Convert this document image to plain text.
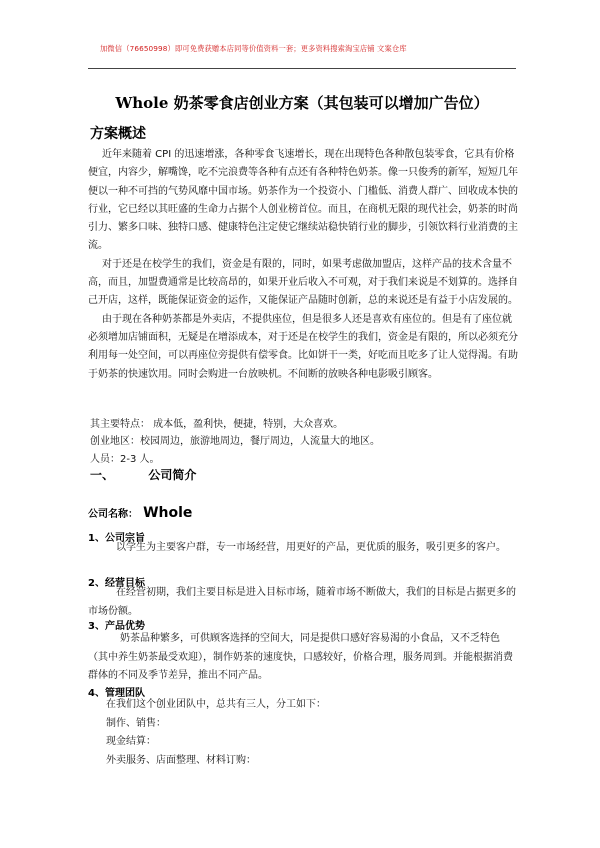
加微信（76650998）即可免费获赠本店同等价值资料一套；更多资料搜索淘宝店铺 文案仓库
Whole 奶茶零食店创业方案（其包装可以增加广告位）
方案概述

近年来随着 CPI 的迅速增涨，各种零食飞速增长，现在出现特色各种散包装零食，它具有价格便宜，内容少，解嘴馋，吃不完浪费等各种有点还有各种特色奶茶。像一只俊秀的新军，短短几年便以一种不可挡的气势风靡中国市场。奶茶作为一个投资小、门槛低、消费人群广、回收成本快的行业，它已经以其旺盛的生命力占据个人创业榜首位。而且，在商机无限的现代社会，奶茶的时尚引力、繁多口味、独特口感、健康特色注定使它继续站稳快销行业的脚步，引领饮料行业消费的主流。

对于还是在校学生的我们，资金是有限的，同时，如果考虑做加盟店，这样产品的技术含量不高，而且，加盟费通常是比较高昂的，如果开业后收入不可观，对于我们来说是不划算的。选择自己开店，这样，既能保证资金的运作，又能保证产品随时创新，总的来说还是有益于小店发展的。

由于现在各种奶茶都是外卖店，不提供座位，但是很多人还是喜欢有座位的。但是有了座位就必须增加店铺面积，无疑是在增添成本，对于还是在校学生的我们，资金是有限的，所以必须充分利用每一处空间，可以再座位旁提供有偿零食。比如饼干一类，好吃而且吃多了让人觉得渴。有助于奶茶的快速饮用。同时会购进一台放映机。不间断的放映各种电影吸引顾客。

其主要特点： 成本低，盈利快，便捷，特别，大众喜欢。
创业地区：校园周边，旅游地周边，餐厅周边，人流量大的地区。
人员：2-3 人。
一、	公司简介
公司名称： Whole
1、公司宗旨

以学生为主要客户群，专一市场经营，用更好的产品，更优质的服务，吸引更多的客户。

2、经营目标

在经营初期，我们主要目标是进入目标市场，随着市场不断做大，我们的目标是占据更多的市场份额。

3、产品优势

奶茶品种繁多，可供顾客选择的空间大，同是提供口感好容易渴的小食品，又不乏特色（其中养生奶茶最受欢迎），制作奶茶的速度快，口感较好，价格合理，服务周到。并能根据消费群体的不同及季节差异，推出不同产品。

4、管理团队

在我们这个创业团队中，总共有三人，分工如下：

制作、销售：

现金结算：

外卖服务、店面整理、材料订购：
